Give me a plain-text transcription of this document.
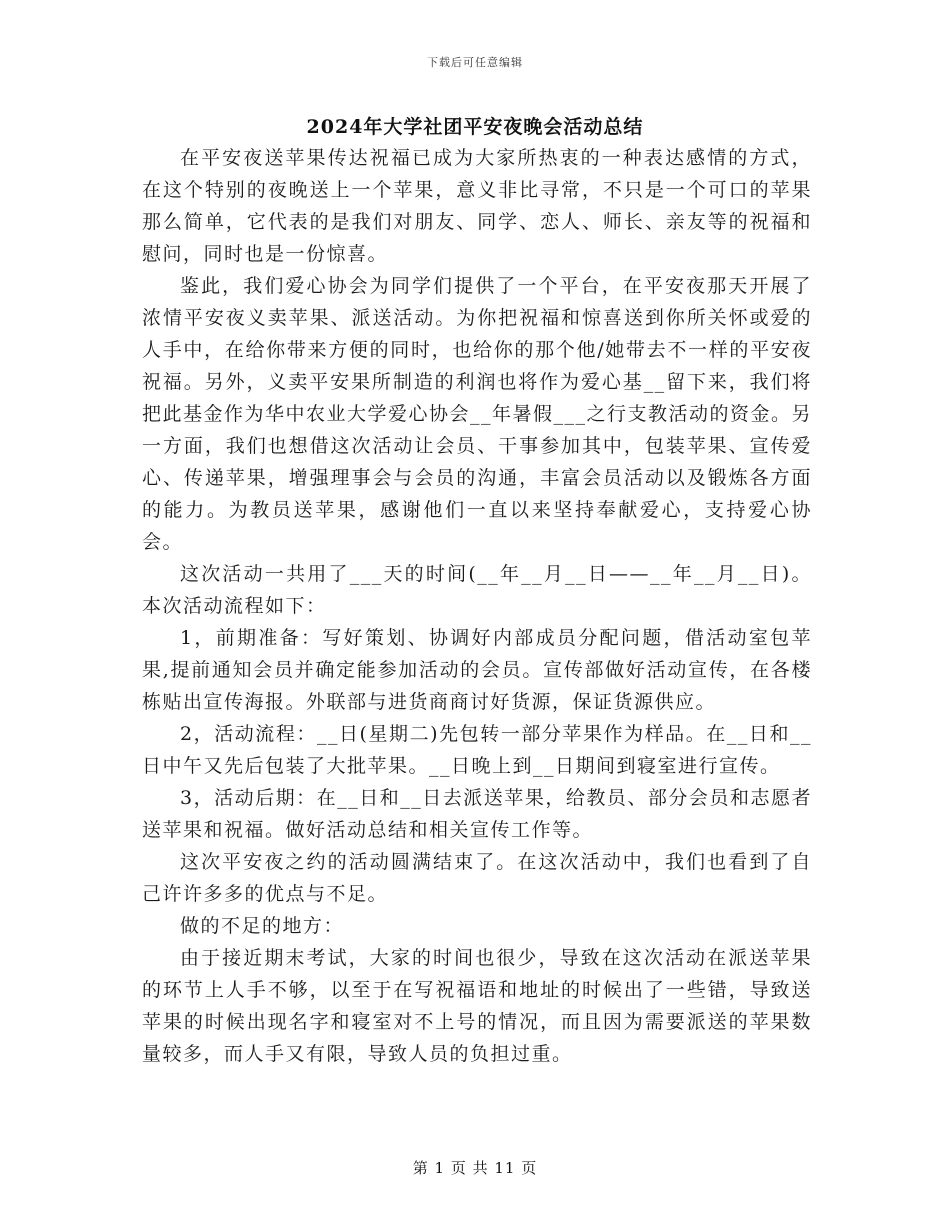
下载后可任意编辑
2024年大学社团平安夜晚会活动总结

在平安夜送苹果传达祝福已成为大家所热衷的一种表达感情的方式，在这个特别的夜晚送上一个苹果，意义非比寻常，不只是一个可口的苹果那么简单，它代表的是我们对朋友、同学、恋人、师长、亲友等的祝福和慰问，同时也是一份惊喜。

鉴此，我们爱心协会为同学们提供了一个平台，在平安夜那天开展了浓情平安夜义卖苹果、派送活动。为你把祝福和惊喜送到你所关怀或爱的人手中，在给你带来方便的同时，也给你的那个他/她带去不一样的平安夜祝福。另外，义卖平安果所制造的利润也将作为爱心基__留下来，我们将把此基金作为华中农业大学爱心协会__年暑假___之行支教活动的资金。另一方面，我们也想借这次活动让会员、干事参加其中，包装苹果、宣传爱心、传递苹果，增强理事会与会员的沟通，丰富会员活动以及锻炼各方面的能力。为教员送苹果，感谢他们一直以来坚持奉献爱心，支持爱心协会。

这次活动一共用了___天的时间(__年__月__日——__年__月__日)。本次活动流程如下：

1，前期准备：写好策划、协调好内部成员分配问题，借活动室包苹果,提前通知会员并确定能参加活动的会员。宣传部做好活动宣传，在各楼栋贴出宣传海报。外联部与进货商商讨好货源，保证货源供应。

2，活动流程：__日(星期二)先包转一部分苹果作为样品。在__日和__日中午又先后包装了大批苹果。__日晚上到__日期间到寝室进行宣传。

3，活动后期：在__日和__日去派送苹果，给教员、部分会员和志愿者送苹果和祝福。做好活动总结和相关宣传工作等。

这次平安夜之约的活动圆满结束了。在这次活动中，我们也看到了自己许许多多的优点与不足。

做的不足的地方：

由于接近期末考试，大家的时间也很少，导致在这次活动在派送苹果的环节上人手不够，以至于在写祝福语和地址的时候出了一些错，导致送苹果的时候出现名字和寝室对不上号的情况，而且因为需要派送的苹果数量较多，而人手又有限，导致人员的负担过重。

第 1 页 共 11 页
